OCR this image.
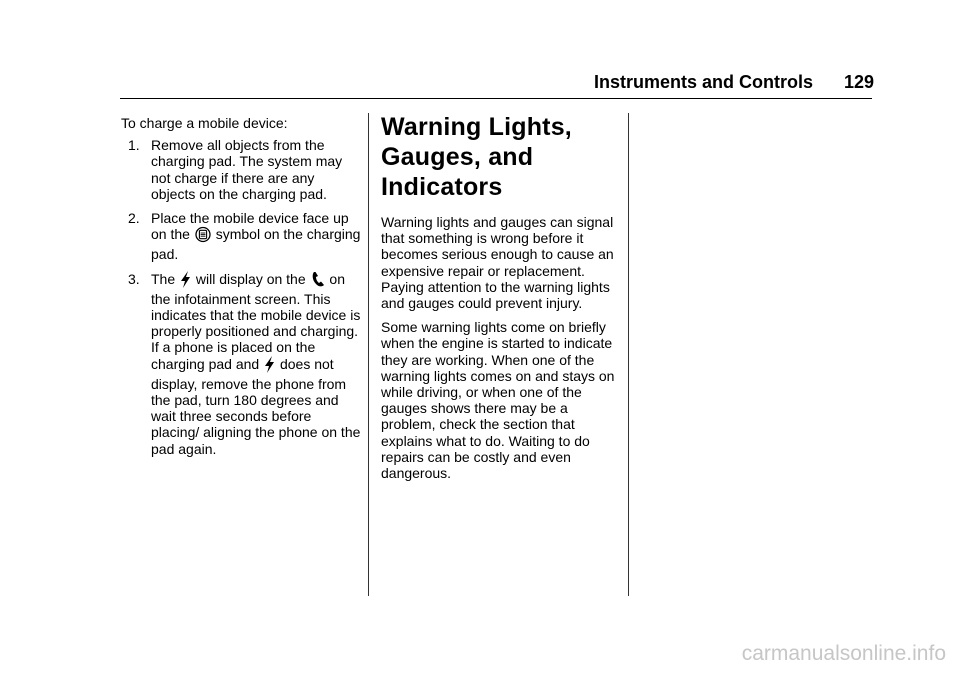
Instruments and Controls 129

To charge a mobile device:

1. Remove all objects from the charging pad. The system may not charge if there are any objects on the charging pad.
2. Place the mobile device face up on the symbol on the charging pad.
3. The will display on the on the infotainment screen. This indicates that the mobile device is properly positioned and charging. If a phone is placed on the charging pad and does not display, remove the phone from the pad, turn 180 degrees and wait three seconds before placing/ aligning the phone on the pad again.
Warning Lights, Gauges, and Indicators

Warning lights and gauges can signal that something is wrong before it becomes serious enough to cause an expensive repair or replacement. Paying attention to the warning lights and gauges could prevent injury.

Some warning lights come on briefly when the engine is started to indicate they are working. When one of the warning lights comes on and stays on while driving, or when one of the gauges shows there may be a problem, check the section that explains what to do. Waiting to do repairs can be costly and even dangerous.

carmanualsonline.info
